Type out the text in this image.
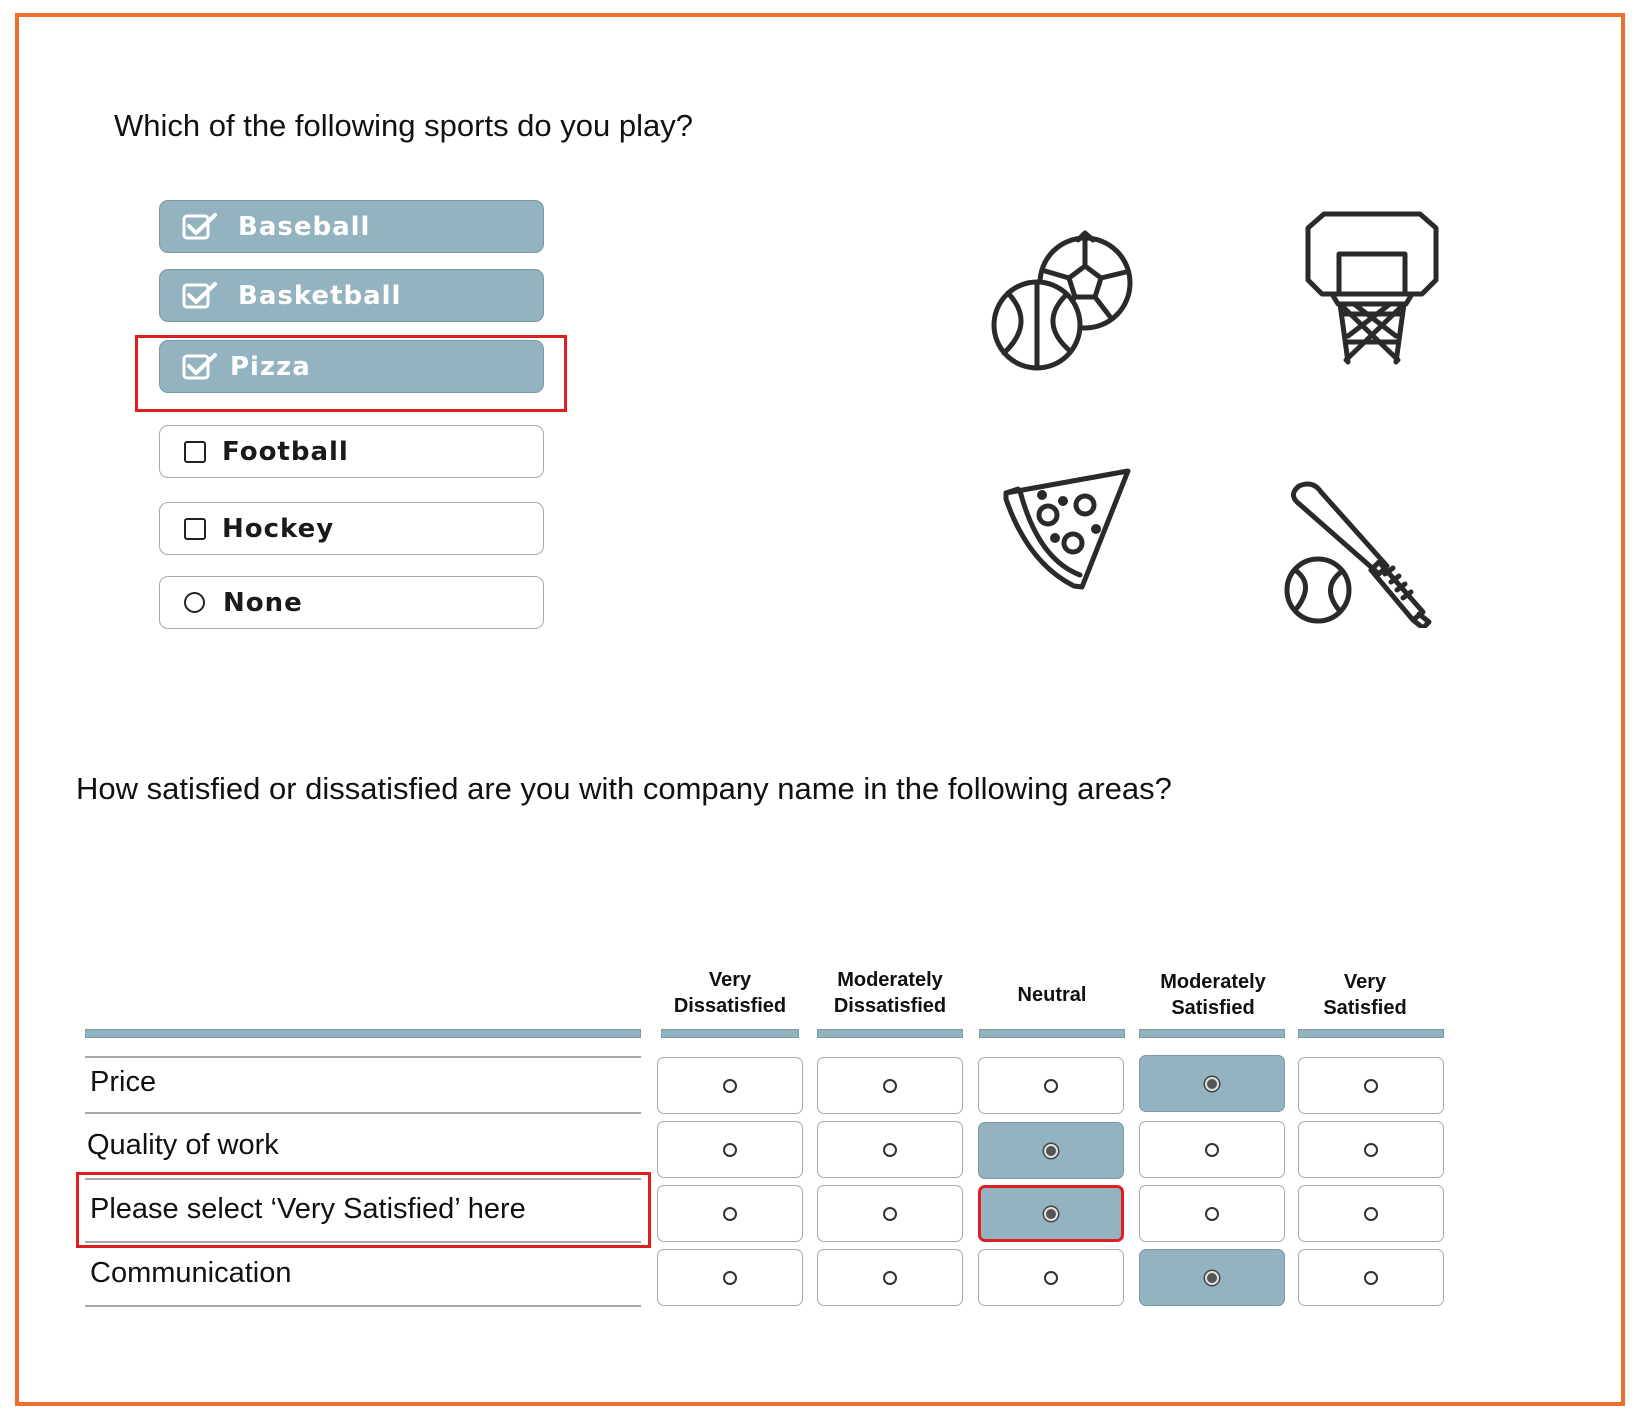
Which of the following sports do you play?
Baseball
Basketball
Pizza
Football
Hockey
None
How satisfied or dissatisfied are you with company name in the following areas?
Very
Dissatisfied
Moderately
Dissatisfied	Neutral
Moderately
Satisfied
Very
Satisfied
Price
Quality of work
Please select ‘Very Satisfied’ here
Communication
